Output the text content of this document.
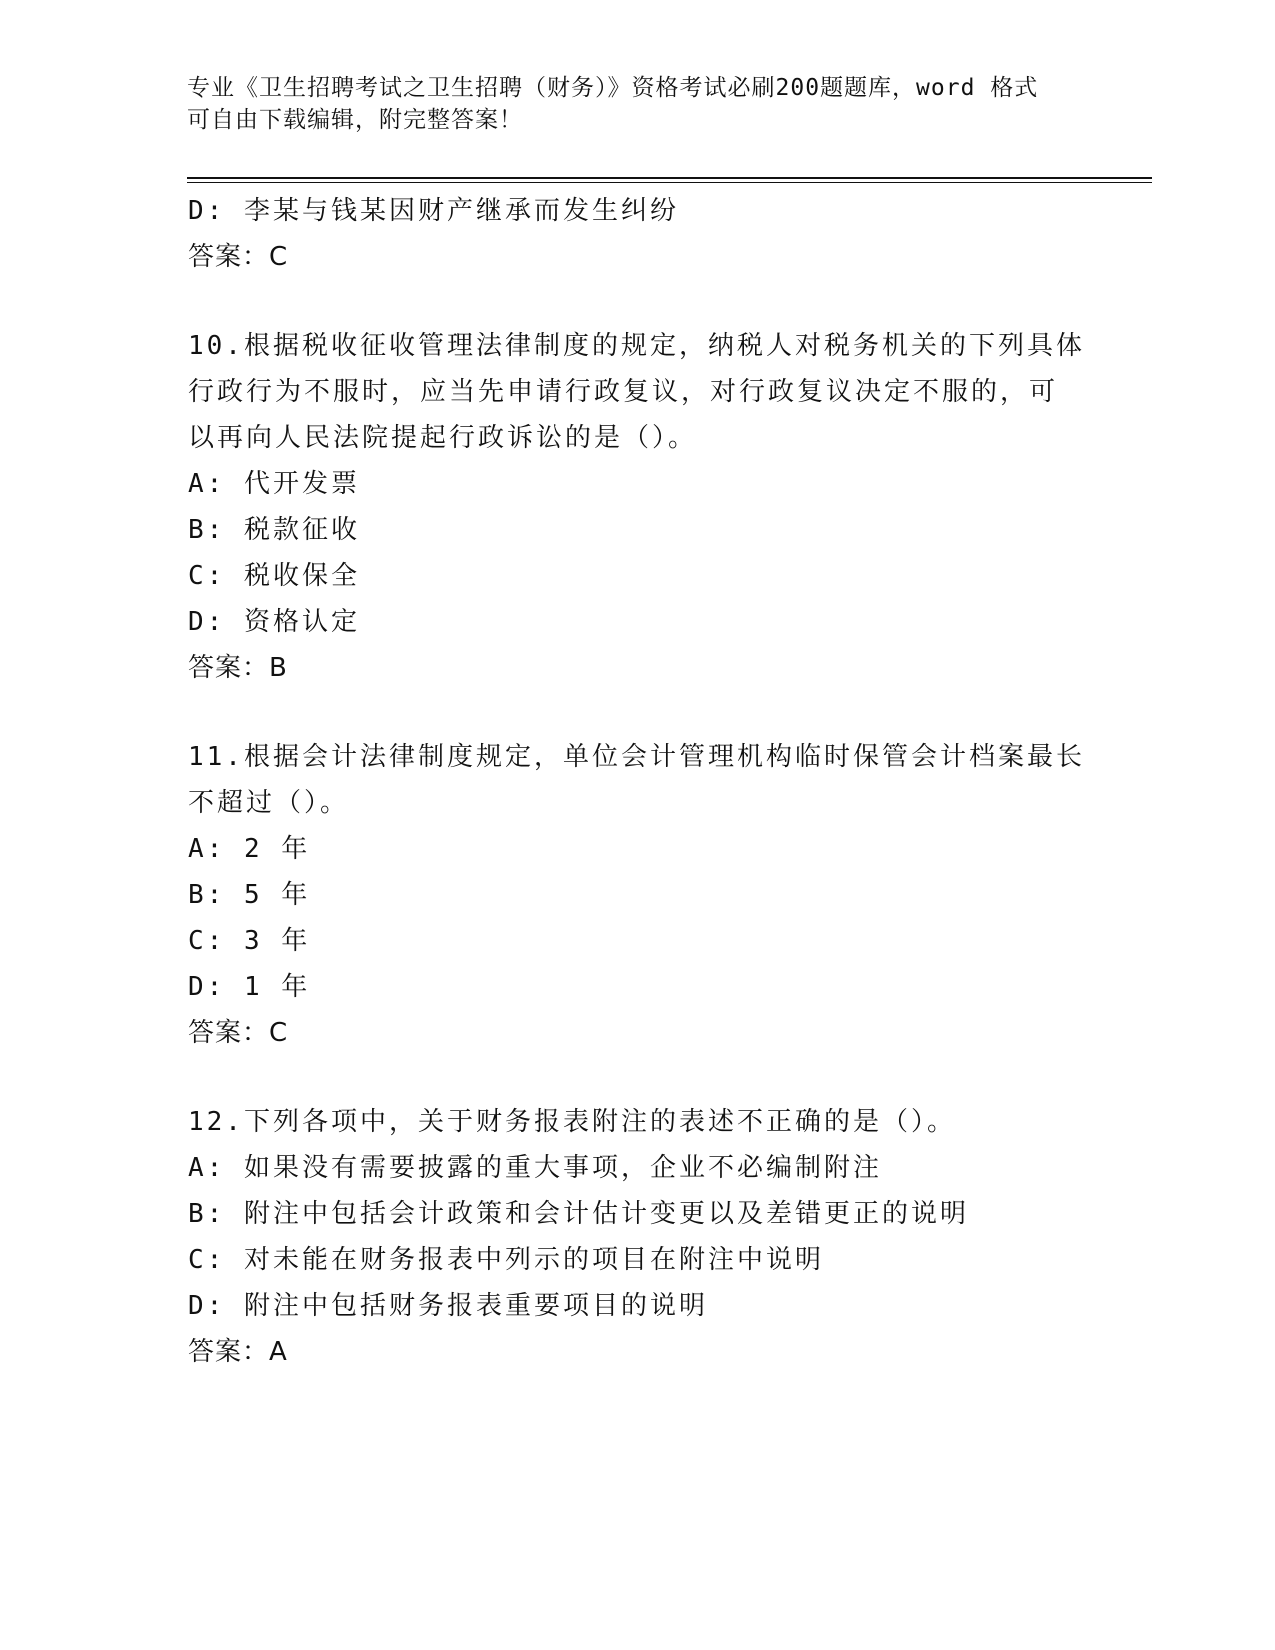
专业《卫生招聘考试之卫生招聘（财务）》资格考试必刷200题题库，word 格式
可自由下载编辑，附完整答案！
D: 李某与钱某因财产继承而发生纠纷
答案：C
10.根据税收征收管理法律制度的规定，纳税人对税务机关的下列具体
行政行为不服时，应当先申请行政复议，对行政复议决定不服的，可
以再向人民法院提起行政诉讼的是（）。
A: 代开发票
B: 税款征收
C: 税收保全
D: 资格认定
答案：B
11.根据会计法律制度规定，单位会计管理机构临时保管会计档案最长
不超过（）。
A: 2 年
B: 5 年
C: 3 年
D: 1 年
答案：C
12.下列各项中，关于财务报表附注的表述不正确的是（）。
A: 如果没有需要披露的重大事项，企业不必编制附注
B: 附注中包括会计政策和会计估计变更以及差错更正的说明
C: 对未能在财务报表中列示的项目在附注中说明
D: 附注中包括财务报表重要项目的说明
答案：A
